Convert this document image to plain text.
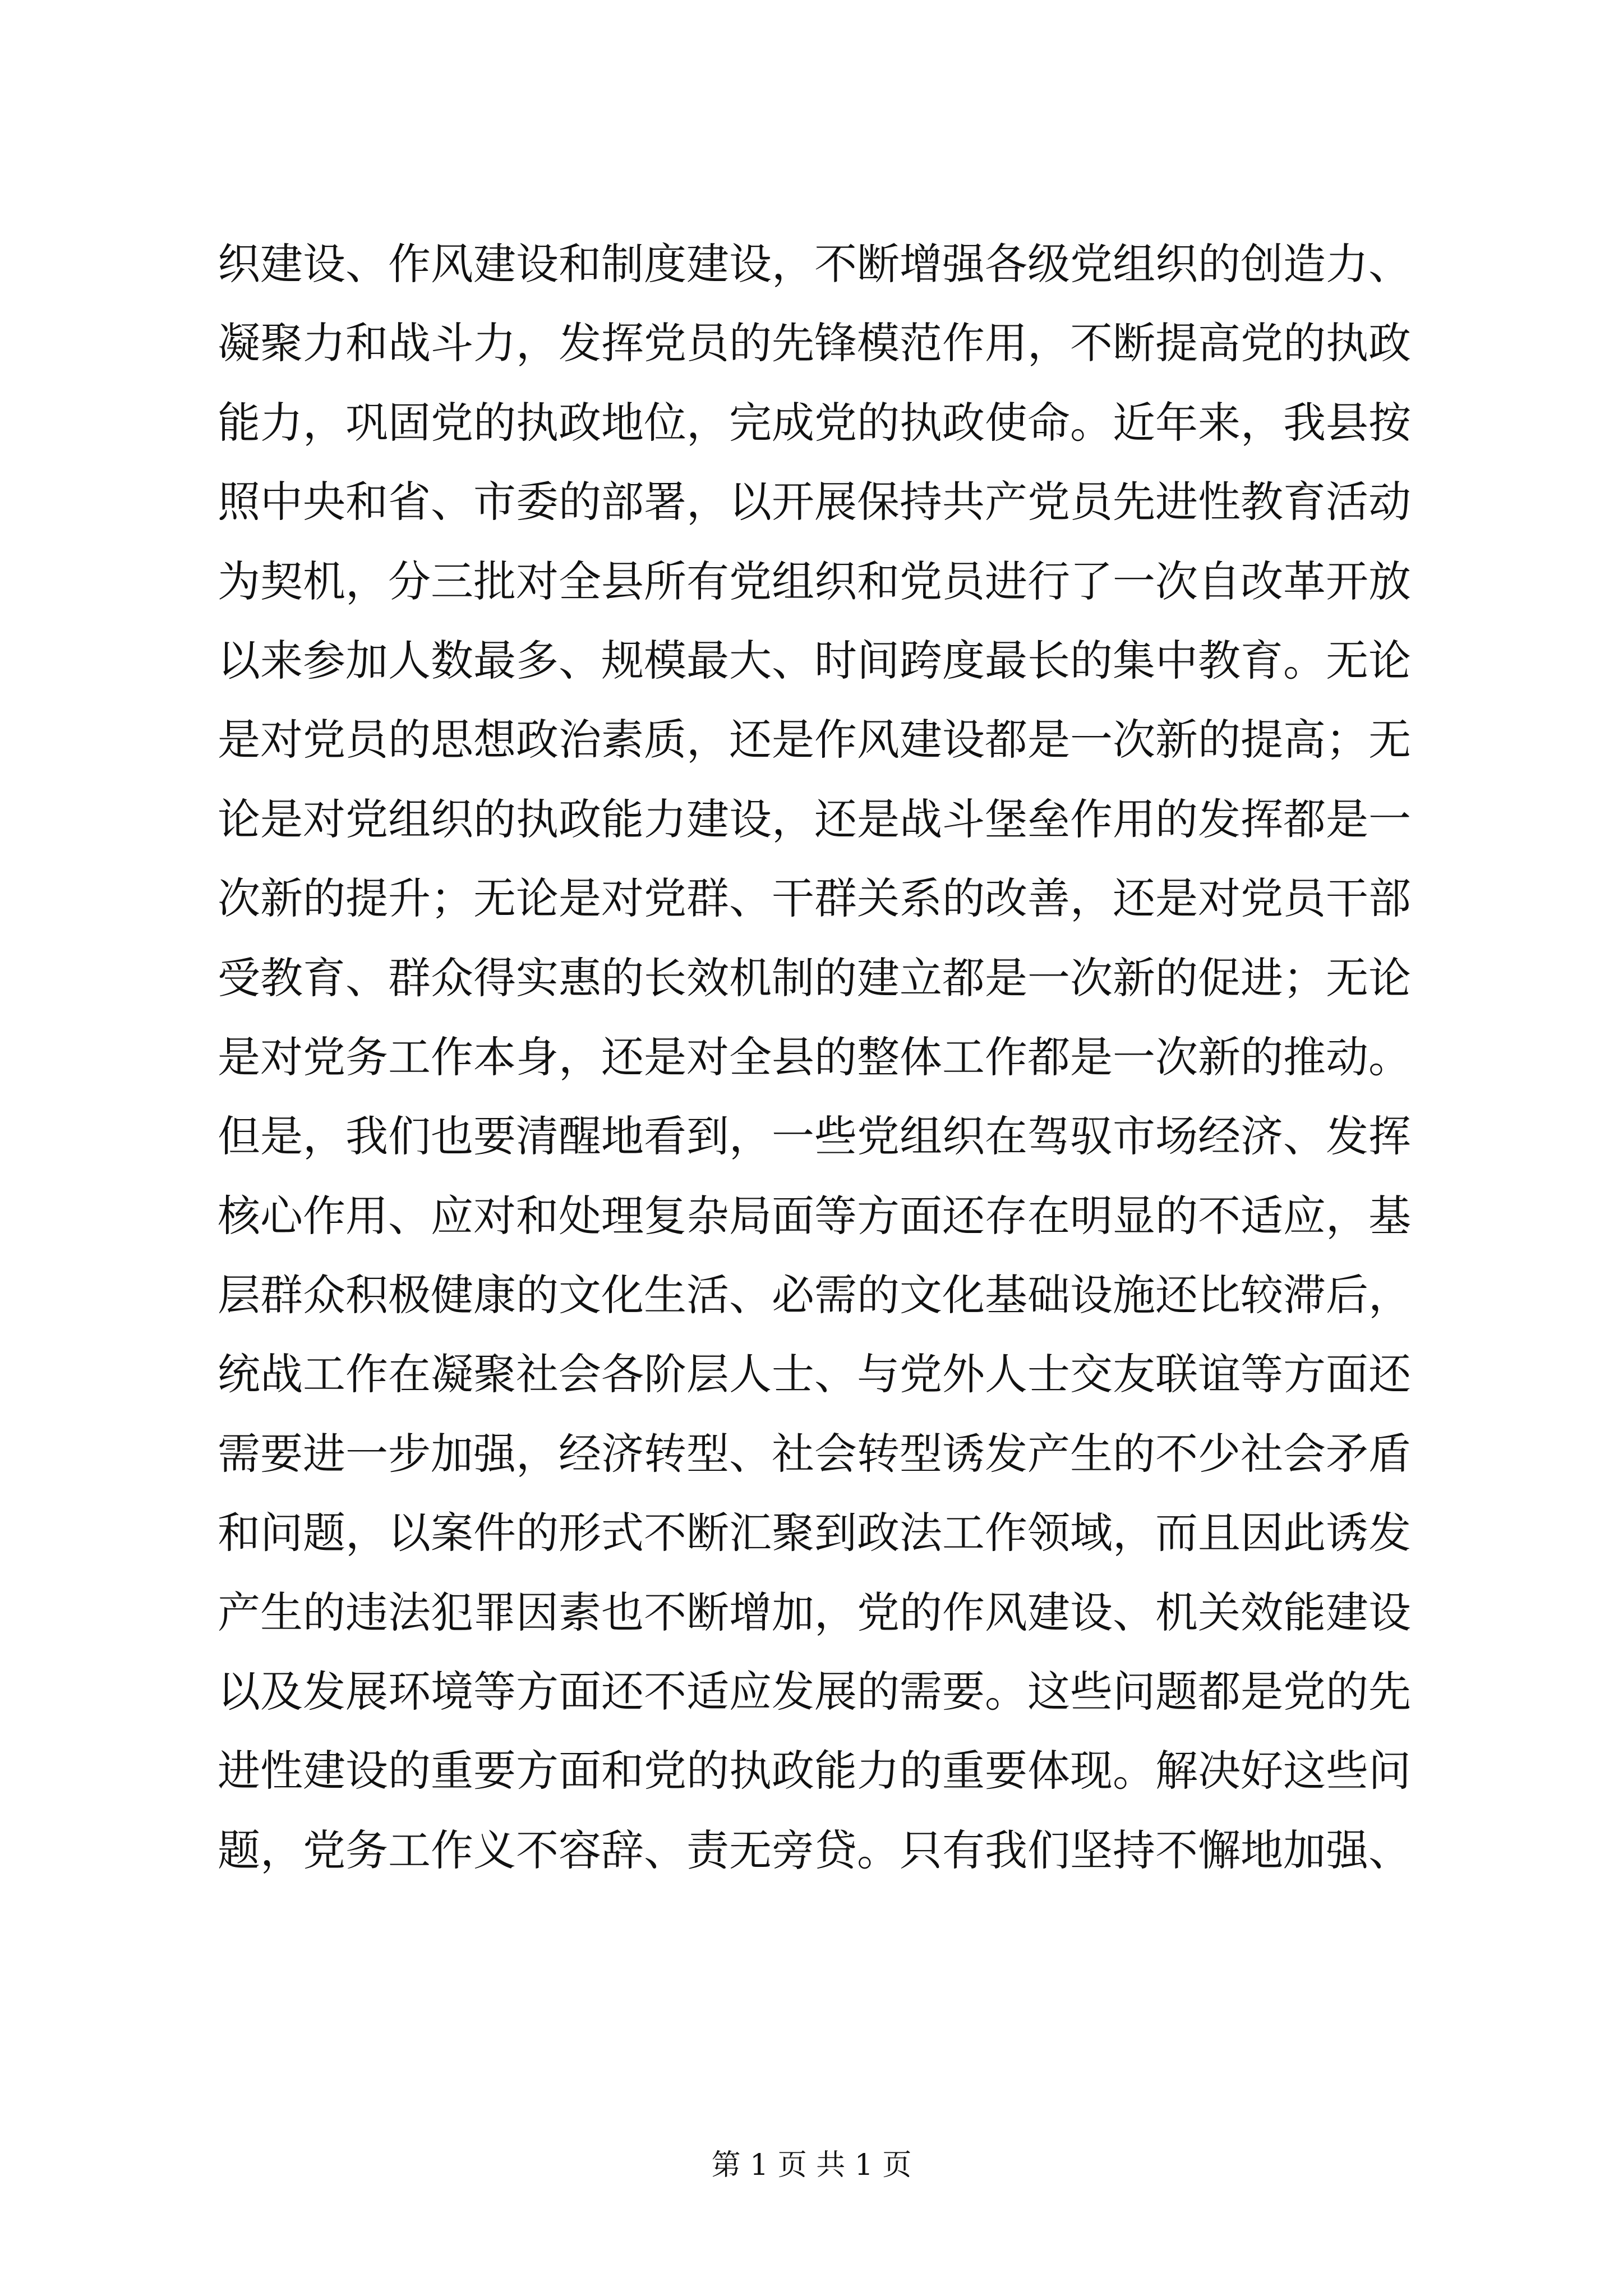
织建设、作风建设和制度建设，不断增强各级党组织的创造力、
凝聚力和战斗力，发挥党员的先锋模范作用，不断提高党的执政
能力，巩固党的执政地位，完成党的执政使命。近年来，我县按
照中央和省、市委的部署，以开展保持共产党员先进性教育活动
为契机，分三批对全县所有党组织和党员进行了一次自改革开放
以来参加人数最多、规模最大、时间跨度最长的集中教育。无论
是对党员的思想政治素质，还是作风建设都是一次新的提高；无
论是对党组织的执政能力建设，还是战斗堡垒作用的发挥都是一
次新的提升；无论是对党群、干群关系的改善，还是对党员干部
受教育、群众得实惠的长效机制的建立都是一次新的促进；无论
是对党务工作本身，还是对全县的整体工作都是一次新的推动。
但是，我们也要清醒地看到，一些党组织在驾驭市场经济、发挥
核心作用、应对和处理复杂局面等方面还存在明显的不适应，基
层群众积极健康的文化生活、必需的文化基础设施还比较滞后，
统战工作在凝聚社会各阶层人士、与党外人士交友联谊等方面还
需要进一步加强，经济转型、社会转型诱发产生的不少社会矛盾
和问题，以案件的形式不断汇聚到政法工作领域，而且因此诱发
产生的违法犯罪因素也不断增加，党的作风建设、机关效能建设
以及发展环境等方面还不适应发展的需要。这些问题都是党的先
进性建设的重要方面和党的执政能力的重要体现。解决好这些问
题，党务工作义不容辞、责无旁贷。只有我们坚持不懈地加强、
第 1 页 共 1 页
